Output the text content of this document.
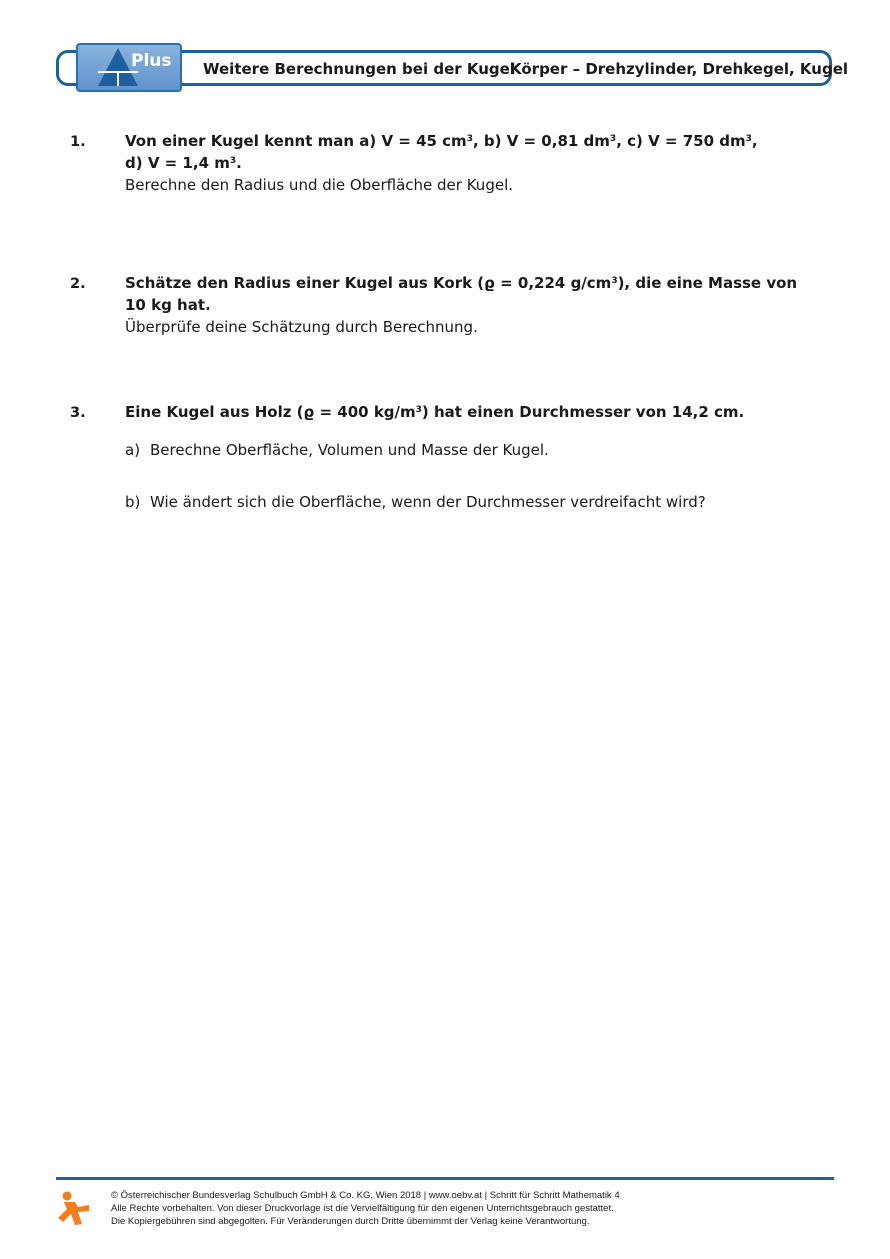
Plus Weitere Berechnungen bei der Kugel
Körper – Drehzylinder, Drehkegel, Kugel
1.	Von einer Kugel kennt man a) V = 45 $cm^3$, b) V = 0,81 $dm^3$, c) V = 750 $dm^3$,
d) V = 1,4 $m^3$.
Berechne den Radius und die Oberfläche der Kugel.
2.	Schätze den Radius einer Kugel aus Kork (ϱ = 0,224 $g/cm^3$), die eine Masse von
10 kg hat.
Überprüfe deine Schätzung durch Berechnung.
3.	Eine Kugel aus Holz (ϱ = 400 $kg/m^3$) hat einen Durchmesser von 14,2 cm.
a) Berechne Oberfläche, Volumen und Masse der Kugel.
b) Wie ändert sich die Oberfläche, wenn der Durchmesser verdreifacht wird?
© Österreichischer Bundesverlag Schulbuch GmbH & Co. KG, Wien 2018 | www.oebv.at | Schritt für Schritt Mathematik 4
Alle Rechte vorbehalten. Von dieser Druckvorlage ist die Vervielfältigung für den eigenen Unterrichtsgebrauch gestattet.
Die Kopiergebühren sind abgegolten. Für Veränderungen durch Dritte übernimmt der Verlag keine Verantwortung.
